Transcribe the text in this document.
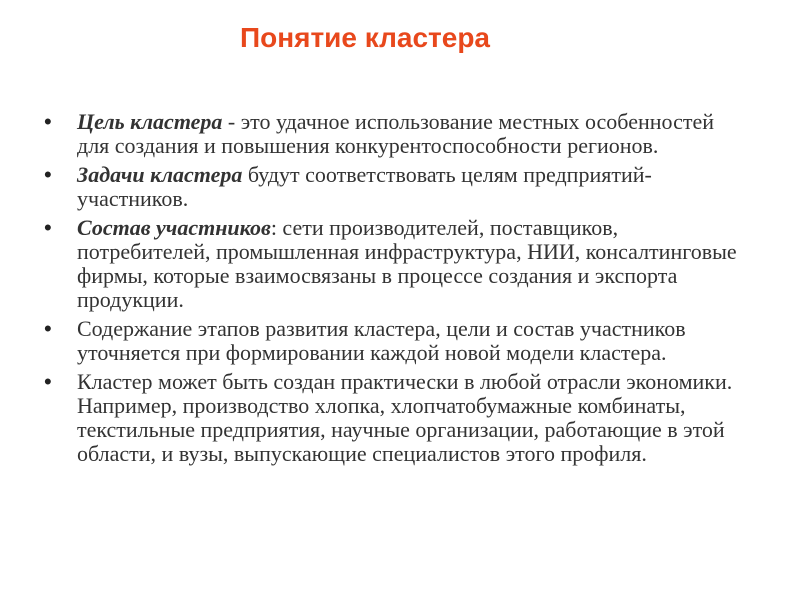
Понятие кластера
• Цель кластера - это удачное использование местных особенностей для создания и повышения конкурентоспособности регионов.
• Задачи кластера будут соответствовать целям предприятий-участников.
• Состав участников: сети производителей, поставщиков, потребителей, промышленная инфраструктура, НИИ, консалтинговые фирмы, которые взаимосвязаны в процессе создания и экспорта продукции.
• Содержание этапов развития кластера, цели и состав участников уточняется при формировании каждой новой модели кластера.
• Кластер может быть создан практически в любой отрасли экономики. Например, производство хлопка, хлопчатобумажные комбинаты, текстильные предприятия, научные организации, работающие в этой области, и вузы, выпускающие специалистов этого профиля.
